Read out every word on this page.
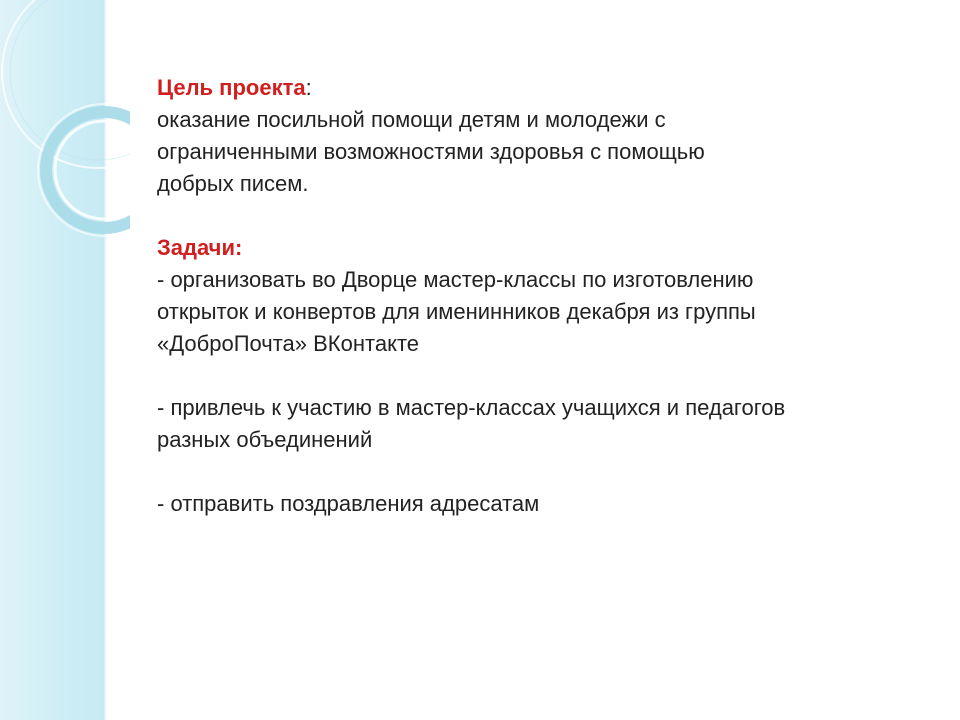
Цель проекта:

оказание посильной помощи детям и молодежи с

ограниченными возможностями здоровья с помощью

добрых писем.

Задачи:

- организовать во Дворце мастер-классы по изготовлению

открыток и конвертов для именинников декабря из группы

«ДоброПочта» ВКонтакте

- привлечь к участию в мастер-классах учащихся и педагогов

разных объединений

- отправить поздравления адресатам
